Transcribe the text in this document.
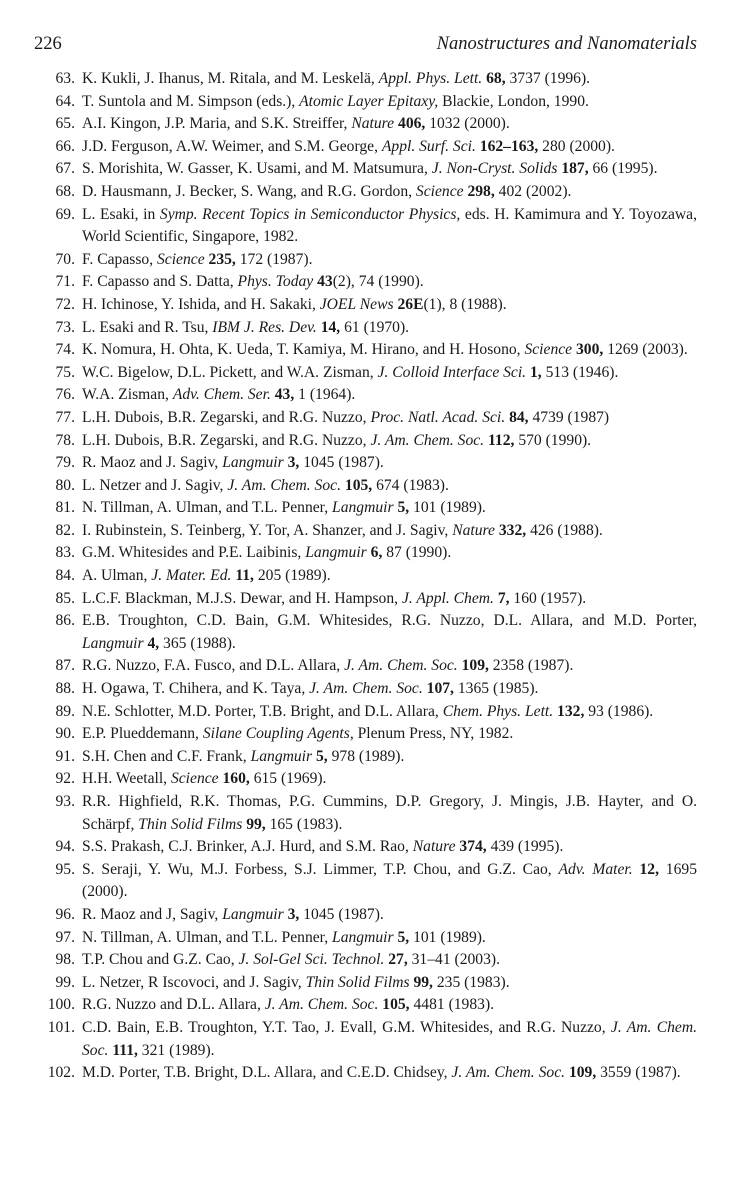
226	Nanostructures and Nanomaterials
63. K. Kukli, J. Ihanus, M. Ritala, and M. Leskelä, Appl. Phys. Lett. 68, 3737 (1996).
64. T. Suntola and M. Simpson (eds.), Atomic Layer Epitaxy, Blackie, London, 1990.
65. A.I. Kingon, J.P. Maria, and S.K. Streiffer, Nature 406, 1032 (2000).
66. J.D. Ferguson, A.W. Weimer, and S.M. George, Appl. Surf. Sci. 162–163, 280 (2000).
67. S. Morishita, W. Gasser, K. Usami, and M. Matsumura, J. Non-Cryst. Solids 187, 66 (1995).
68. D. Hausmann, J. Becker, S. Wang, and R.G. Gordon, Science 298, 402 (2002).
69. L. Esaki, in Symp. Recent Topics in Semiconductor Physics, eds. H. Kamimura and Y. Toyozawa, World Scientific, Singapore, 1982.
70. F. Capasso, Science 235, 172 (1987).
71. F. Capasso and S. Datta, Phys. Today 43(2), 74 (1990).
72. H. Ichinose, Y. Ishida, and H. Sakaki, JOEL News 26E(1), 8 (1988).
73. L. Esaki and R. Tsu, IBM J. Res. Dev. 14, 61 (1970).
74. K. Nomura, H. Ohta, K. Ueda, T. Kamiya, M. Hirano, and H. Hosono, Science 300, 1269 (2003).
75. W.C. Bigelow, D.L. Pickett, and W.A. Zisman, J. Colloid Interface Sci. 1, 513 (1946).
76. W.A. Zisman, Adv. Chem. Ser. 43, 1 (1964).
77. L.H. Dubois, B.R. Zegarski, and R.G. Nuzzo, Proc. Natl. Acad. Sci. 84, 4739 (1987)
78. L.H. Dubois, B.R. Zegarski, and R.G. Nuzzo, J. Am. Chem. Soc. 112, 570 (1990).
79. R. Maoz and J. Sagiv, Langmuir 3, 1045 (1987).
80. L. Netzer and J. Sagiv, J. Am. Chem. Soc. 105, 674 (1983).
81. N. Tillman, A. Ulman, and T.L. Penner, Langmuir 5, 101 (1989).
82. I. Rubinstein, S. Teinberg, Y. Tor, A. Shanzer, and J. Sagiv, Nature 332, 426 (1988).
83. G.M. Whitesides and P.E. Laibinis, Langmuir 6, 87 (1990).
84. A. Ulman, J. Mater. Ed. 11, 205 (1989).
85. L.C.F. Blackman, M.J.S. Dewar, and H. Hampson, J. Appl. Chem. 7, 160 (1957).
86. E.B. Troughton, C.D. Bain, G.M. Whitesides, R.G. Nuzzo, D.L. Allara, and M.D. Porter, Langmuir 4, 365 (1988).
87. R.G. Nuzzo, F.A. Fusco, and D.L. Allara, J. Am. Chem. Soc. 109, 2358 (1987).
88. H. Ogawa, T. Chihera, and K. Taya, J. Am. Chem. Soc. 107, 1365 (1985).
89. N.E. Schlotter, M.D. Porter, T.B. Bright, and D.L. Allara, Chem. Phys. Lett. 132, 93 (1986).
90. E.P. Plueddemann, Silane Coupling Agents, Plenum Press, NY, 1982.
91. S.H. Chen and C.F. Frank, Langmuir 5, 978 (1989).
92. H.H. Weetall, Science 160, 615 (1969).
93. R.R. Highfield, R.K. Thomas, P.G. Cummins, D.P. Gregory, J. Mingis, J.B. Hayter, and O. Schärpf, Thin Solid Films 99, 165 (1983).
94. S.S. Prakash, C.J. Brinker, A.J. Hurd, and S.M. Rao, Nature 374, 439 (1995).
95. S. Seraji, Y. Wu, M.J. Forbess, S.J. Limmer, T.P. Chou, and G.Z. Cao, Adv. Mater. 12, 1695 (2000).
96. R. Maoz and J, Sagiv, Langmuir 3, 1045 (1987).
97. N. Tillman, A. Ulman, and T.L. Penner, Langmuir 5, 101 (1989).
98. T.P. Chou and G.Z. Cao, J. Sol-Gel Sci. Technol. 27, 31–41 (2003).
99. L. Netzer, R Iscovoci, and J. Sagiv, Thin Solid Films 99, 235 (1983).
100. R.G. Nuzzo and D.L. Allara, J. Am. Chem. Soc. 105, 4481 (1983).
101. C.D. Bain, E.B. Troughton, Y.T. Tao, J. Evall, G.M. Whitesides, and R.G. Nuzzo, J. Am. Chem. Soc. 111, 321 (1989).
102. M.D. Porter, T.B. Bright, D.L. Allara, and C.E.D. Chidsey, J. Am. Chem. Soc. 109, 3559 (1987).
